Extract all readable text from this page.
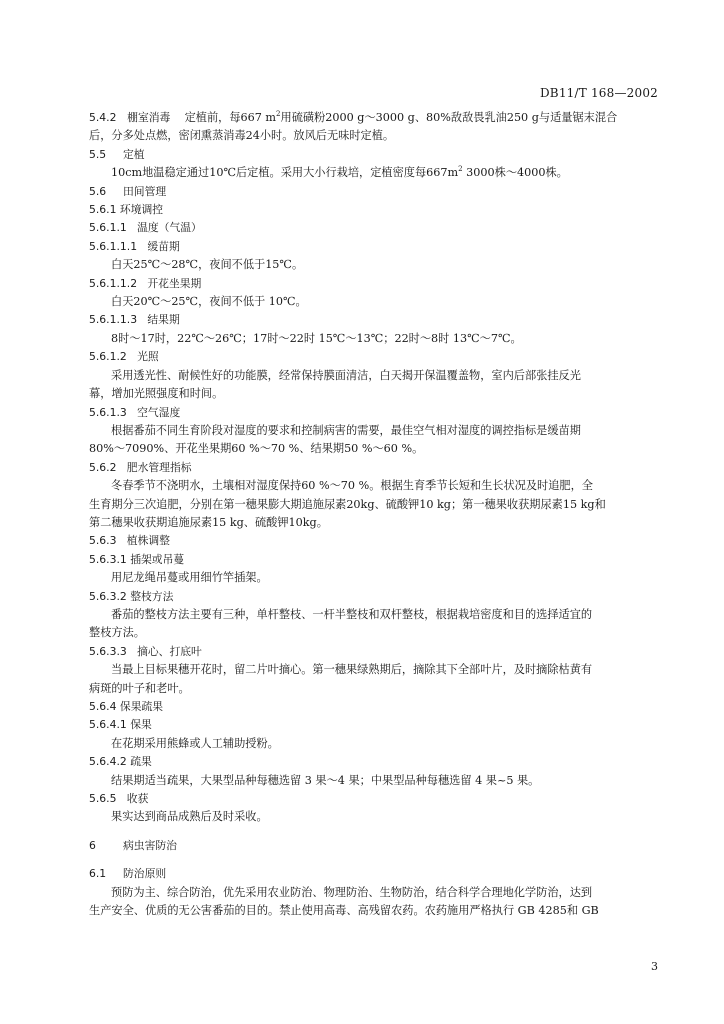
DB11/T 168—2002
5.4.2 棚室消毒 定植前，每667 $m^2$用硫磺粉2000 g～3000 g、80%敌敌畏乳油250 g与适量锯末混合
后，分多处点燃，密闭熏蒸消毒24小时。放风后无味时定植。
5.5 定植
10cm地温稳定通过10℃后定植。采用大小行栽培，定植密度每$667m^2$ 3000株～4000株。
5.6 田间管理
5.6.1 环境调控
5.6.1.1 温度（气温）
5.6.1.1.1 缓苗期
白天25℃～28℃，夜间不低于15℃。
5.6.1.1.2 开花坐果期
白天20℃～25℃，夜间不低于 10℃。
5.6.1.1.3 结果期
8时～17时，22℃～26℃；17时～22时 15℃～13℃；22时～8时 13℃～7℃。
5.6.1.2 光照
采用透光性、耐候性好的功能膜，经常保持膜面清洁，白天揭开保温覆盖物，室内后部张挂反光
幕，增加光照强度和时间。
5.6.1.3 空气湿度
根据番茄不同生育阶段对湿度的要求和控制病害的需要，最佳空气相对湿度的调控指标是缓苗期
80%～7090%、开花坐果期60 %～70 %、结果期50 %～60 %。
5.6.2 肥水管理指标
冬春季节不浇明水，土壤相对湿度保持60 %～70 %。根据生育季节长短和生长状况及时追肥，全
生育期分三次追肥，分别在第一穗果膨大期追施尿素20kg、硫酸钾10 kg；第一穗果收获期尿素15 kg和
第二穗果收获期追施尿素15 kg、硫酸钾10kg。
5.6.3 植株调整
5.6.3.1 插架或吊蔓
用尼龙绳吊蔓或用细竹竿插架。
5.6.3.2 整枝方法
番茄的整枝方法主要有三种，单杆整枝、一杆半整枝和双杆整枝，根据栽培密度和目的选择适宜的
整枝方法。
5.6.3.3 摘心、打底叶
当最上目标果穗开花时，留二片叶摘心。第一穗果绿熟期后，摘除其下全部叶片，及时摘除枯黄有
病斑的叶子和老叶。
5.6.4 保果疏果
5.6.4.1 保果
在花期采用熊蜂或人工辅助授粉。
5.6.4.2 疏果
结果期适当疏果，大果型品种每穗选留 3 果～4 果；中果型品种每穗选留 4 果~5 果。
5.6.5 收获
果实达到商品成熟后及时采收。
6	病虫害防治
6.1 防治原则
预防为主、综合防治，优先采用农业防治、物理防治、生物防治，结合科学合理地化学防治，达到
生产安全、优质的无公害番茄的目的。禁止使用高毒、高残留农药。农药施用严格执行 GB 4285和 GB
3
